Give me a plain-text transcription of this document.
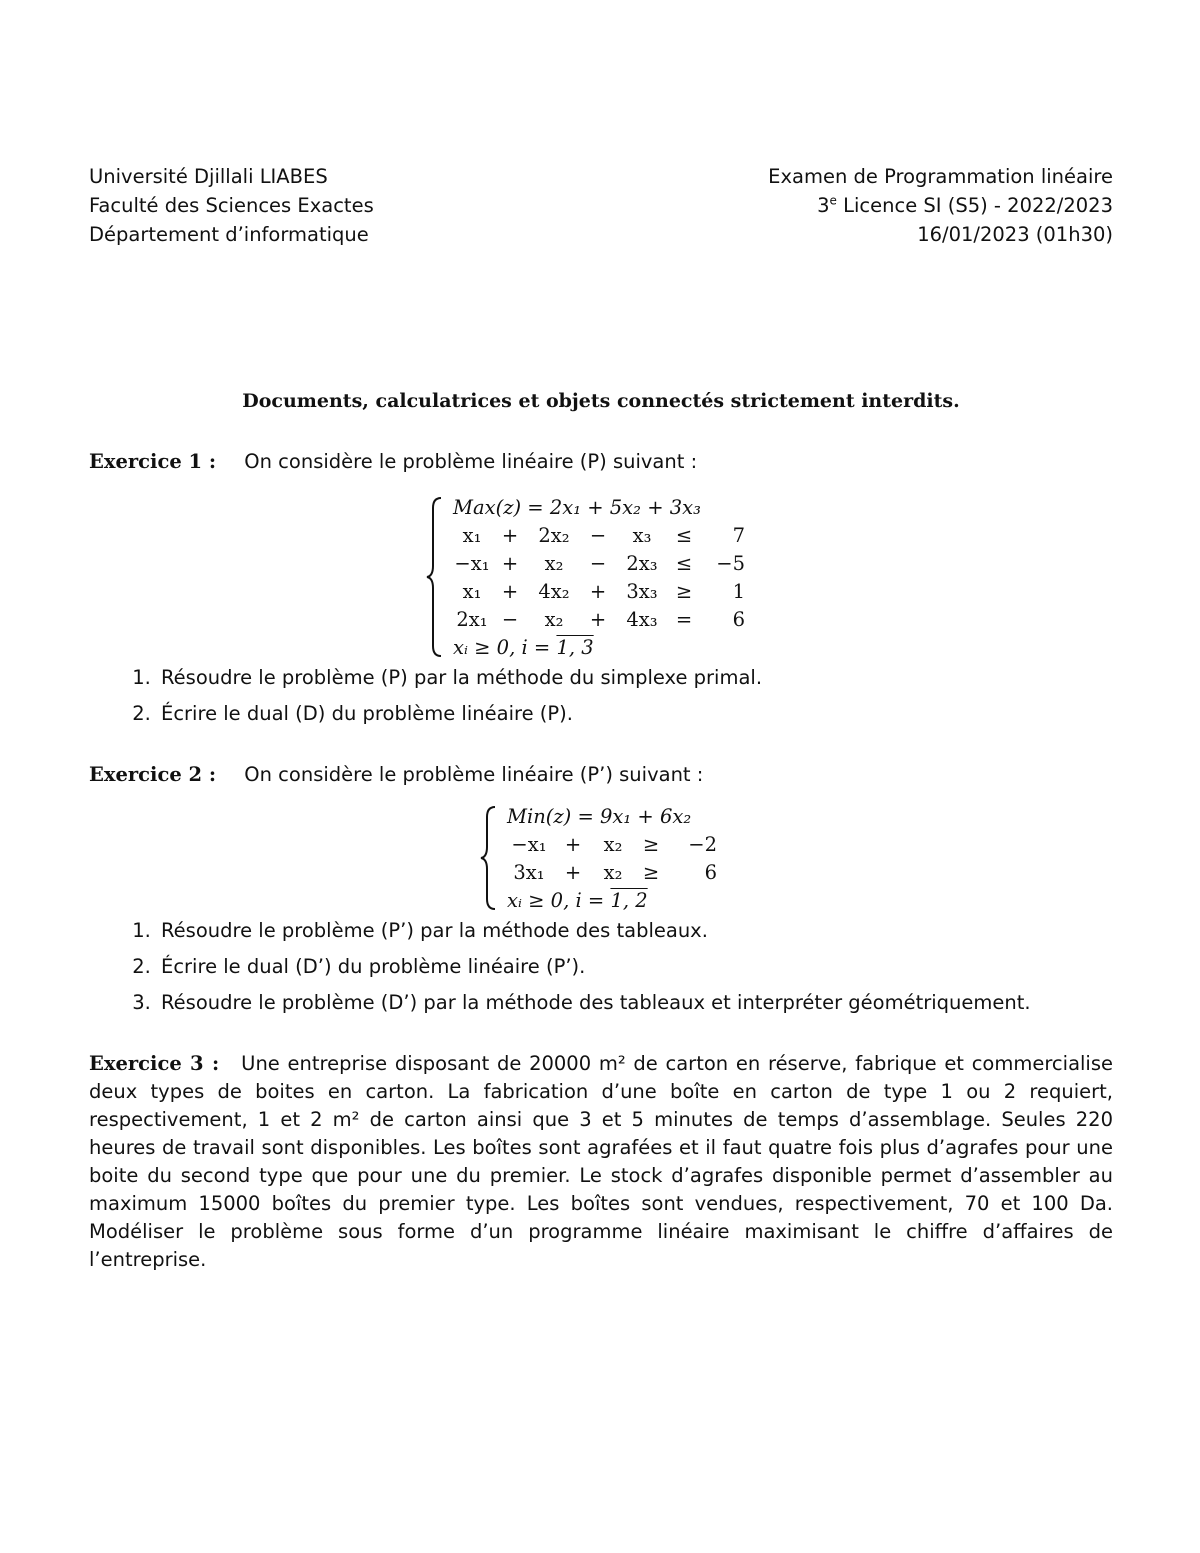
Université Djillali LIABES
Faculté des Sciences Exactes
Département d’informatique
Examen de Programmation linéaire
3e Licence SI (S5) - 2022/2023
16/01/2023 (01h30)
Documents, calculatrices et objets connectés strictement interdits.
Exercice 1 : On considère le problème linéaire (P) suivant :
Max(z) = 2x₁ + 5x₂ + 3x₃
x₁	+	2x₂	−	x₃	≤	7
−x₁ +	x₂	−	2x₃ ≤	−5
x₁	+	4x₂	+	3x₃ ≥	1
2x₁ −	x₂	+	4x₃ =	6
xᵢ ≥ 0, i = 1, 3
1. Résoudre le problème (P) par la méthode du simplexe primal.
2. Écrire le dual (D) du problème linéaire (P).
Exercice 2 : On considère le problème linéaire (P’) suivant :
Min(z) = 9x₁ + 6x₂
−x₁ +	x₂	≥	−2
3x₁	+	x₂	≥	6
xᵢ ≥ 0, i = 1, 2
1. Résoudre le problème (P’) par la méthode des tableaux.
2. Écrire le dual (D’) du problème linéaire (P’).
3. Résoudre le problème (D’) par la méthode des tableaux et interpréter géométriquement.

Exercice 3 : Une entreprise disposant de 20000 m² de carton en réserve, fabrique et commercialise deux types de boites en carton. La fabrication d’une boîte en carton de type 1 ou 2 requiert, respectivement, 1 et 2 m² de carton ainsi que 3 et 5 minutes de temps d’assemblage. Seules 220 heures de travail sont disponibles. Les boîtes sont agrafées et il faut quatre fois plus d’agrafes pour une boite du second type que pour une du premier. Le stock d’agrafes disponible permet d’assembler au maximum 15000 boîtes du premier type. Les boîtes sont vendues, respectivement, 70 et 100 Da. Modéliser le problème sous forme d’un programme linéaire maximisant le chiffre d’affaires de l’entreprise.
